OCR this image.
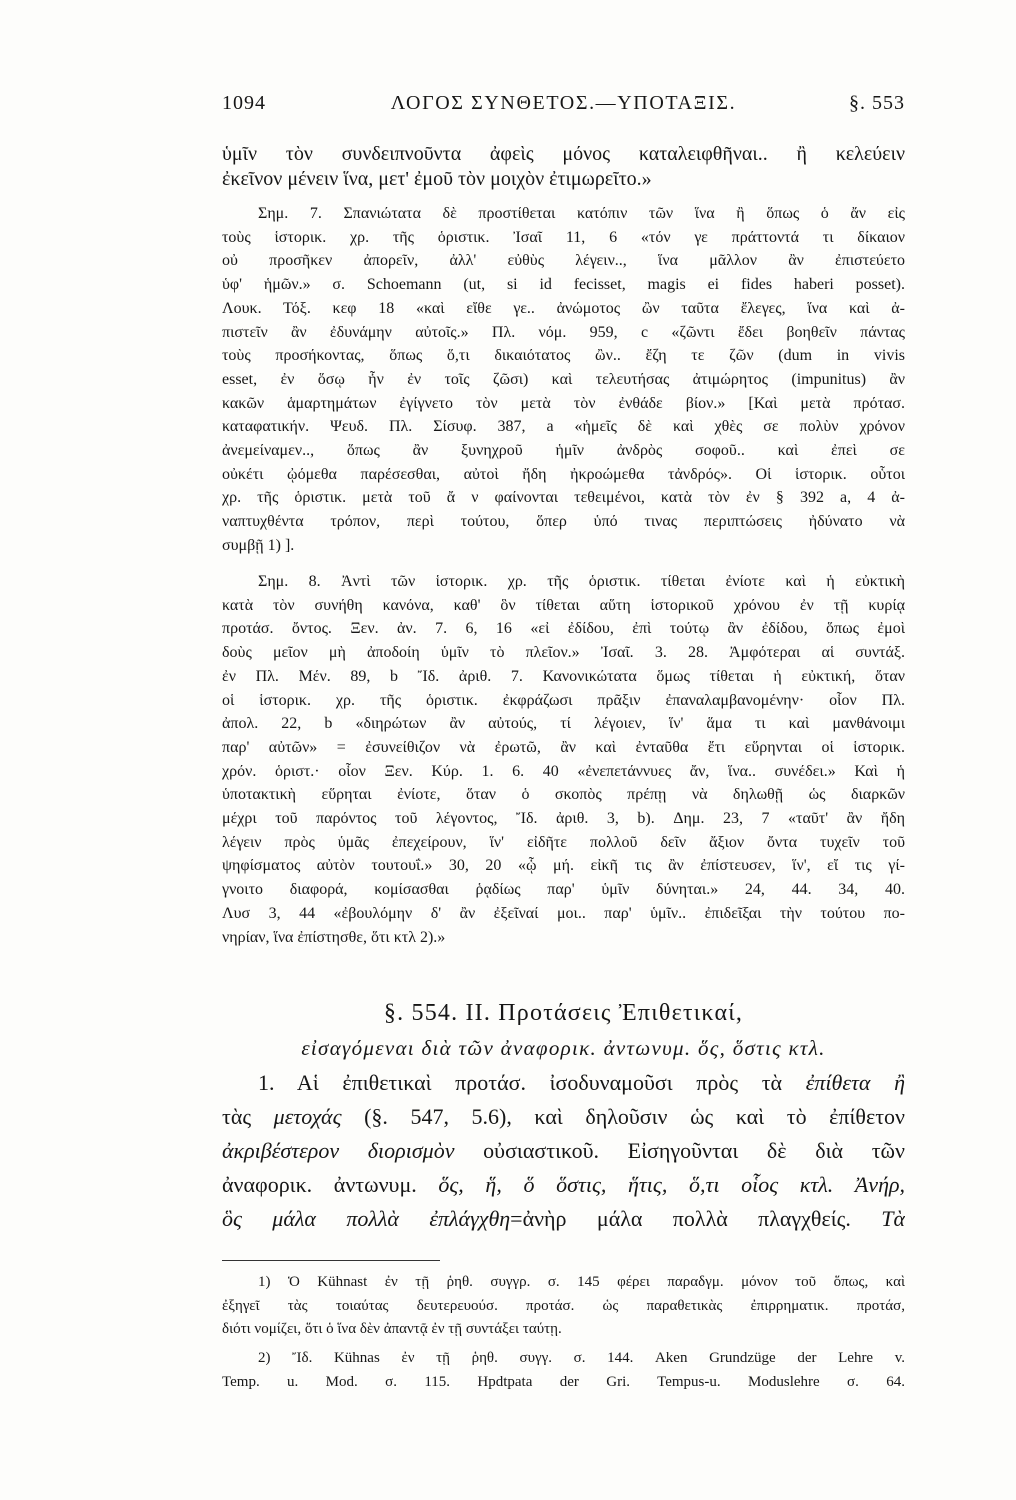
1094	ΛΟΓΟΣ ΣΥΝΘΕΤΟΣ.—ΥΠΟΤΑΞΙΣ.	§. 553
ὑμῖν τὸν συνδειπνοῦντα ἀφεὶς μόνος καταλειφθῆναι.. ἢ κελεύειν
ἐκεῖνον μένειν ἵνα, μετ' ἐμοῦ τὸν μοιχὸν ἐτιμωρεῖτο.»
Σημ. 7. Σπανιώτατα δὲ προστίθεται κατόπιν τῶν ἵνα ἢ ὅπως ὁ ἄν εἰς
τοὺς ἱστορικ. χρ. τῆς ὁριστικ. Ἰσαῖ 11, 6 «τόν γε πράττοντά τι δίκαιον
οὐ προσῆκεν ἀπορεῖν, ἀλλ' εὐθὺς λέγειν.., ἵνα μᾶλλον ἂν ἐπιστεύετο
ὑφ' ἡμῶν.» σ. Schoemann (ut, si id fecisset, magis ei fides haberi posset).
Λουκ. Τόξ. κεφ 18 «καὶ εἴθε γε.. ἀνώμοτος ὢν ταῦτα ἔλεγες, ἵνα καὶ ἀ-
πιστεῖν ἂν ἐδυνάμην αὐτοῖς.» Πλ. νόμ. 959, c «ζῶντι ἔδει βοηθεῖν πάντας
τοὺς προσήκοντας, ὅπως ὅ,τι δικαιότατος ὢν.. ἔζη τε ζῶν (dum in vivis
esset, ἐν ὅσῳ ἦν ἐν τοῖς ζῶσι) καὶ τελευτήσας ἀτιμώρητος (impunitus) ἂν
κακῶν ἁμαρτημάτων ἐγίγνετο τὸν μετὰ τὸν ἐνθάδε βίον.» [Καὶ μετὰ πρότασ.
καταφατικήν. Ψευδ. Πλ. Σίσυφ. 387, a «ἡμεῖς δὲ καὶ χθὲς σε πολὺν χρόνον
ἀνεμείναμεν.., ὅπως ἂν ξυνηχροῦ ἡμῖν ἀνδρὸς σοφοῦ.. καὶ ἐπεὶ σε
οὐκέτι ᾠόμεθα παρέσεσθαι, αὐτοὶ ἤδη ἠκροώμεθα τἀνδρός». Οἱ ἱστορικ. οὗτοι
χρ. τῆς ὁριστικ. μετὰ τοῦ ἄ ν φαίνονται τεθειμένοι, κατὰ τὸν ἐν § 392 a, 4 ἀ-
ναπτυχθέντα τρόπον, περὶ τούτου, ὅπερ ὑπό τινας περιπτώσεις ἠδύνατο νὰ
συμβῇ 1) ].
Σημ. 8. Ἀντὶ τῶν ἱστορικ. χρ. τῆς ὁριστικ. τίθεται ἐνίοτε καὶ ἡ εὐκτικὴ
κατὰ τὸν συνήθη κανόνα, καθ' ὃν τίθεται αὕτη ἱστορικοῦ χρόνου ἐν τῇ κυρίᾳ
προτάσ. ὄντος. Ξεν. ἀν. 7. 6, 16 «εἰ ἐδίδου, ἐπὶ τούτῳ ἂν ἐδίδου, ὅπως ἐμοὶ
δοὺς μεῖον μὴ ἀποδοίη ὑμῖν τὸ πλεῖον.» Ἰσαῖ. 3. 28. Ἀμφότεραι αἱ συντάξ.
ἐν Πλ. Μέν. 89, b Ἴδ. ἀριθ. 7. Κανονικώτατα ὅμως τίθεται ἡ εὐκτική, ὅταν
οἱ ἱστορικ. χρ. τῆς ὁριστικ. ἐκφράζωσι πρᾶξιν ἐπαναλαμβανομένην· οἷον Πλ.
ἀπολ. 22, b «διηρώτων ἂν αὐτούς, τί λέγοιεν, ἵν' ἅμα τι καὶ μανθάνοιμι
παρ' αὐτῶν» = ἐσυνείθιζον νὰ ἐρωτῶ, ἂν καὶ ἐνταῦθα ἔτι εὕρηνται οἱ ἱστορικ.
χρόν. ὁριστ.· οἷον Ξεν. Κύρ. 1. 6. 40 «ἐνεπετάννυες ἄν, ἵνα.. συνέδει.» Καὶ ἡ
ὑποτακτικὴ εὕρηται ἐνίοτε, ὅταν ὁ σκοπὸς πρέπῃ νὰ δηλωθῇ ὡς διαρκῶν
μέχρι τοῦ παρόντος τοῦ λέγοντος, Ἴδ. ἀριθ. 3, b). Δημ. 23, 7 «ταῦτ' ἂν ἤδη
λέγειν πρὸς ὑμᾶς ἐπεχείρουν, ἵν' εἰδῆτε πολλοῦ δεῖν ἄξιον ὄντα τυχεῖν τοῦ
ψηφίσματος αὐτὸν τουτουΐ.» 30, 20 «ᾧ μή. εἰκῆ τις ἂν ἐπίστευσεν, ἵν', εἴ τις γί-
γνοιτο διαφορά, κομίσασθαι ῥᾳδίως παρ' ὑμῖν δύνηται.» 24, 44. 34, 40.
Λυσ 3, 44 «ἐβουλόμην δ' ἂν ἐξεῖναί μοι.. παρ' ὑμῖν.. ἐπιδεῖξαι τὴν τούτου πο-
νηρίαν, ἵνα ἐπίστησθε, ὅτι κτλ 2).»
§. 554. II. Προτάσεις Ἐπιθετικαί,
εἰσαγόμεναι διὰ τῶν ἀναφορικ. ἀντωνυμ. ὅς, ὅστις κτλ.
1. Αἱ ἐπιθετικαὶ προτάσ. ἰσοδυναμοῦσι πρὸς τὰ ἐπίθετα ἢ
τὰς μετοχάς (§. 547, 5.6), καὶ δηλοῦσιν ὡς καὶ τὸ ἐπίθετον
ἀκριβέστερον διορισμὸν οὐσιαστικοῦ. Εἰσηγοῦνται δὲ διὰ τῶν
ἀναφορικ. ἀντωνυμ. ὅς, ἥ, ὅ ὅστις, ἥτις, ὅ,τι οἷος κτλ. Ἀνήρ,
ὃς μάλα πολλὰ ἐπλάγχθη=ἀνὴρ μάλα πολλὰ πλαγχθείς. Τὰ
1) Ὁ Kühnast ἐν τῇ ῥηθ. συγγρ. σ. 145 φέρει παραδγμ. μόνον τοῦ ὅπως, καὶ
ἐξηγεῖ τὰς τοιαύτας δευτερευούσ. προτάσ. ὡς παραθετικὰς ἐπιρρηματικ. προτάσ,
διότι νομίζει, ὅτι ὁ ἵνα δὲν ἀπαντᾷ ἐν τῇ συντάξει ταύτῃ.
2) Ἴδ. Kühnas ἐν τῇ ῥηθ. συγγ. σ. 144. Aken Grundzüge der Lehre v.
Temp. u. Mod. σ. 115. Hpdtpata der Gri. Tempus-u. Moduslehre σ. 64.
